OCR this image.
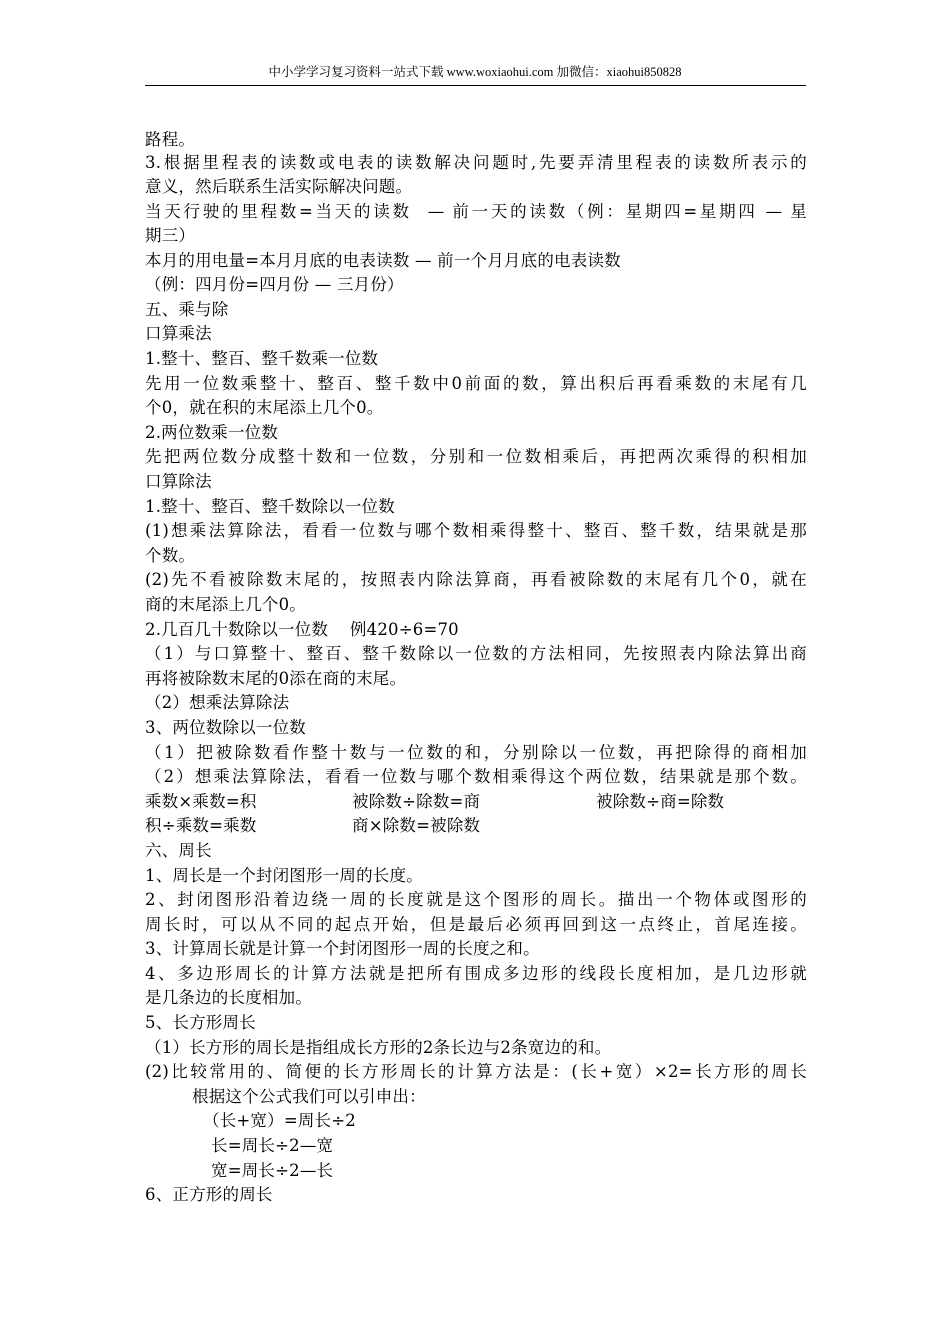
中小学学习复习资料一站式下载 www.woxiaohui.com 加微信：xiaohui850828
路程。
3.根据里程表的读数或电表的读数解决问题时,先要弄清里程表的读数所表示的
意义，然后联系生活实际解决问题。
当天行驶的里程数=当天的读数  — 前一天的读数（例：星期四=星期四 — 星
期三）
本月的用电量=本月月底的电表读数 — 前一个月月底的电表读数
（例：四月份=四月份 — 三月份）
五、乘与除
口算乘法
1.整十、整百、整千数乘一位数
先用一位数乘整十、整百、整千数中0前面的数，算出积后再看乘数的末尾有几
个0，就在积的末尾添上几个0。
2.两位数乘一位数
先把两位数分成整十数和一位数，分别和一位数相乘后，再把两次乘得的积相加
口算除法
1.整十、整百、整千数除以一位数
(1)想乘法算除法，看看一位数与哪个数相乘得整十、整百、整千数，结果就是那
个数。
(2)先不看被除数末尾的，按照表内除法算商，再看被除数的末尾有几个0，就在
商的末尾添上几个0。
2.几百几十数除以一位数    例420÷6=70
（1）与口算整十、整百、整千数除以一位数的方法相同，先按照表内除法算出商
再将被除数末尾的0添在商的末尾。
（2）想乘法算除法
3、两位数除以一位数
（1）把被除数看作整十数与一位数的和，分别除以一位数，再把除得的商相加
（2）想乘法算除法，看看一位数与哪个数相乘得这个两位数，结果就是那个数。
乘数×乘数=积	被除数÷除数=商	被除数÷商=除数
积÷乘数=乘数	商×除数=被除数
六、周长
1、周长是一个封闭图形一周的长度。
2、封闭图形沿着边绕一周的长度就是这个图形的周长。描出一个物体或图形的
周长时，可以从不同的起点开始，但是最后必须再回到这一点终止，首尾连接。
3、计算周长就是计算一个封闭图形一周的长度之和。
4、多边形周长的计算方法就是把所有围成多边形的线段长度相加，是几边形就
是几条边的长度相加。
5、长方形周长
（1）长方形的周长是指组成长方形的2条长边与2条宽边的和。
(2)比较常用的、简便的长方形周长的计算方法是：(长+宽）×2=长方形的周长
根据这个公式我们可以引申出：
（长+宽）=周长÷2
长=周长÷2—宽
宽=周长÷2—长
6、正方形的周长
